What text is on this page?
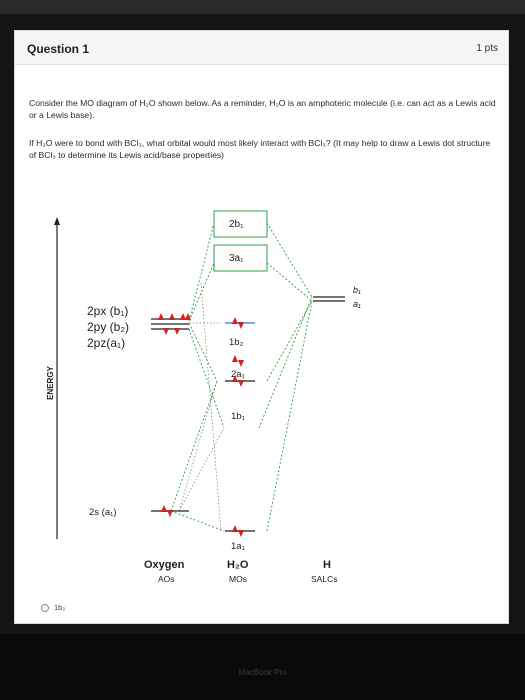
Question 1	1 pts
Consider the MO diagram of H₂O shown below. As a reminder, H₂O is an amphoteric molecule (i.e. can act as a Lewis acid or a Lewis base).
If H₂O were to bond with BCl₃, what orbital would most likely interact with BCl₃? (It may help to draw a Lewis dot structure of BCl₃ to determine its Lewis acid/base properties)
ENERGY
2px (b₁)
2py (b₂)
2pz(a₁)
2s (a₁)
2b₁
3a₁
1b₂
2a₁
1b₁
1a₁
b₁
a₁
Oxygen
AOs
H₂O
MOs
H
SALCs
1b₂
MacBook Pro
